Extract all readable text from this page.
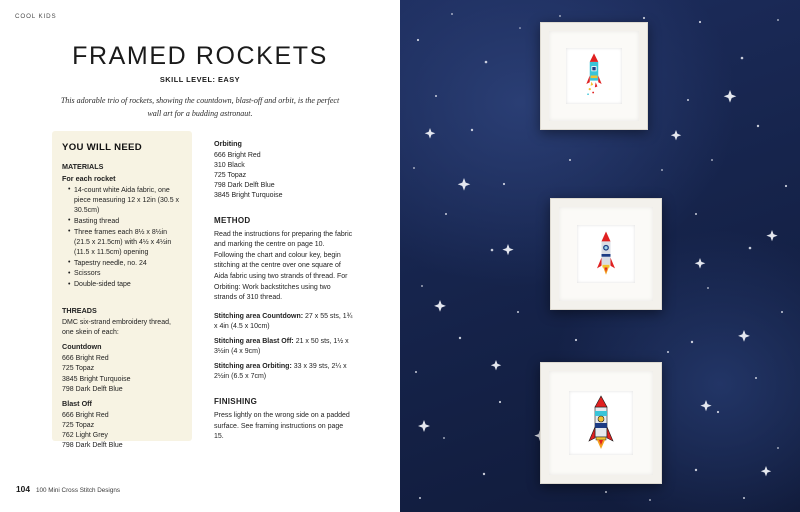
COOL KIDS
FRAMED ROCKETS
SKILL LEVEL: EASY
This adorable trio of rockets, showing the countdown, blast-off and orbit, is the perfect wall art for a budding astronaut.
YOU WILL NEED
MATERIALS
For each rocket
• 14-count white Aida fabric, one piece measuring 12 x 12in (30.5 x 30.5cm)
• Basting thread
• Three frames each 8½ x 8½in (21.5 x 21.5cm) with 4½ x 4½in (11.5 x 11.5cm) opening
• Tapestry needle, no. 24
• Scissors
• Double-sided tape
THREADS
DMC six-strand embroidery thread, one skein of each:
Countdown
666 Bright Red
725 Topaz
3845 Bright Turquoise
798 Dark Delft Blue
Blast Off
666 Bright Red
725 Topaz
762 Light Grey
798 Dark Delft Blue
Orbiting
666 Bright Red
310 Black
725 Topaz
798 Dark Delft Blue
3845 Bright Turquoise
METHOD
Read the instructions for preparing the fabric and marking the centre on page 10. Following the chart and colour key, begin stitching at the centre over one square of Aida fabric using two strands of thread. For Orbiting: Work backstitches using two strands of 310 thread.
Stitching area Countdown: 27 x 55 sts, 1¾ x 4in (4.5 x 10cm)
Stitching area Blast Off: 21 x 50 sts, 1½ x 3½in (4 x 9cm)
Stitching area Orbiting: 33 x 39 sts, 2¼ x 2½in (6.5 x 7cm)
FINISHING
Press lightly on the wrong side on a padded surface. See framing instructions on page 15.
104 100 Mini Cross Stitch Designs
